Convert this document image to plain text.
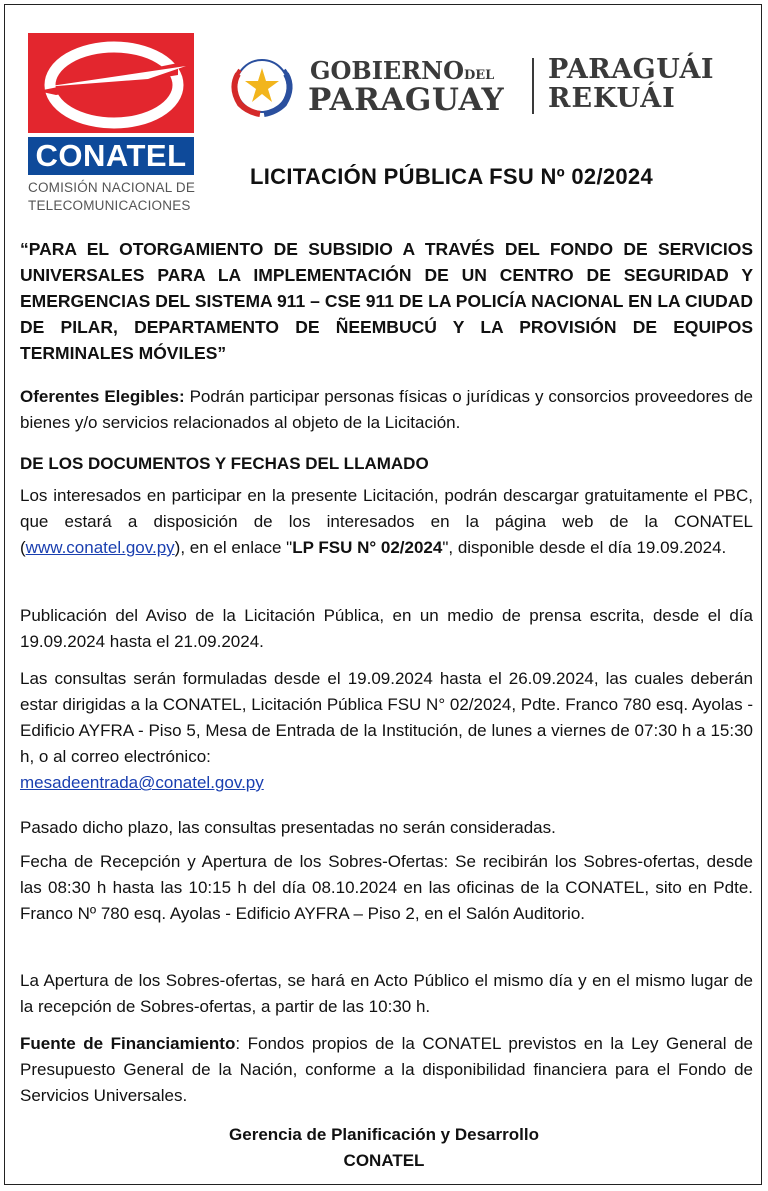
CONATEL
COMISIÓN NACIONAL DE
TELECOMUNICACIONES
GOBIERNODEL
PARAGUAY
PARAGUÁI
REKUÁI
LICITACIÓN PÚBLICA FSU Nº 02/2024
“PARA EL OTORGAMIENTO DE SUBSIDIO A TRAVÉS DEL FONDO DE SERVICIOS UNIVERSALES PARA LA IMPLEMENTACIÓN DE UN CENTRO DE SEGURIDAD Y EMERGENCIAS DEL SISTEMA 911 – CSE 911 DE LA POLICÍA NACIONAL EN LA CIUDAD DE PILAR, DEPARTAMENTO DE ÑEEMBUCÚ Y LA PROVISIÓN DE EQUIPOS TERMINALES MÓVILES”

Oferentes Elegibles: Podrán participar personas físicas o jurídicas y consorcios proveedores de bienes y/o servicios relacionados al objeto de la Licitación.

DE LOS DOCUMENTOS Y FECHAS DEL LLAMADO

Los interesados en participar en la presente Licitación, podrán descargar gratuitamente el PBC, que estará a disposición de los interesados en la página web de la CONATEL (www.conatel.gov.py), en el enlace "LP FSU N° 02/2024", disponible desde el día 19.09.2024.

Publicación del Aviso de la Licitación Pública, en un medio de prensa escrita, desde el día 19.09.2024 hasta el 21.09.2024.

Las consultas serán formuladas desde el 19.09.2024 hasta el 26.09.2024, las cuales deberán estar dirigidas a la CONATEL, Licitación Pública FSU N° 02/2024, Pdte. Franco 780 esq. Ayolas - Edificio AYFRA - Piso 5, Mesa de Entrada de la Institución, de lunes a viernes de 07:30 h a 15:30 h, o al correo electrónico:
mesadeentrada@conatel.gov.py

Pasado dicho plazo, las consultas presentadas no serán consideradas.
Fecha de Recepción y Apertura de los Sobres-Ofertas: Se recibirán los Sobres-ofertas, desde las 08:30 h hasta las 10:15 h del día 08.10.2024 en las oficinas de la CONATEL, sito en Pdte. Franco Nº 780 esq. Ayolas - Edificio AYFRA – Piso 2, en el Salón Auditorio.
La Apertura de los Sobres-ofertas, se hará en Acto Público el mismo día y en el mismo lugar de la recepción de Sobres-ofertas, a partir de las 10:30 h.

Fuente de Financiamiento: Fondos propios de la CONATEL previstos en la Ley General de Presupuesto General de la Nación, conforme a la disponibilidad financiera para el Fondo de Servicios Universales.

Gerencia de Planificación y Desarrollo
CONATEL
